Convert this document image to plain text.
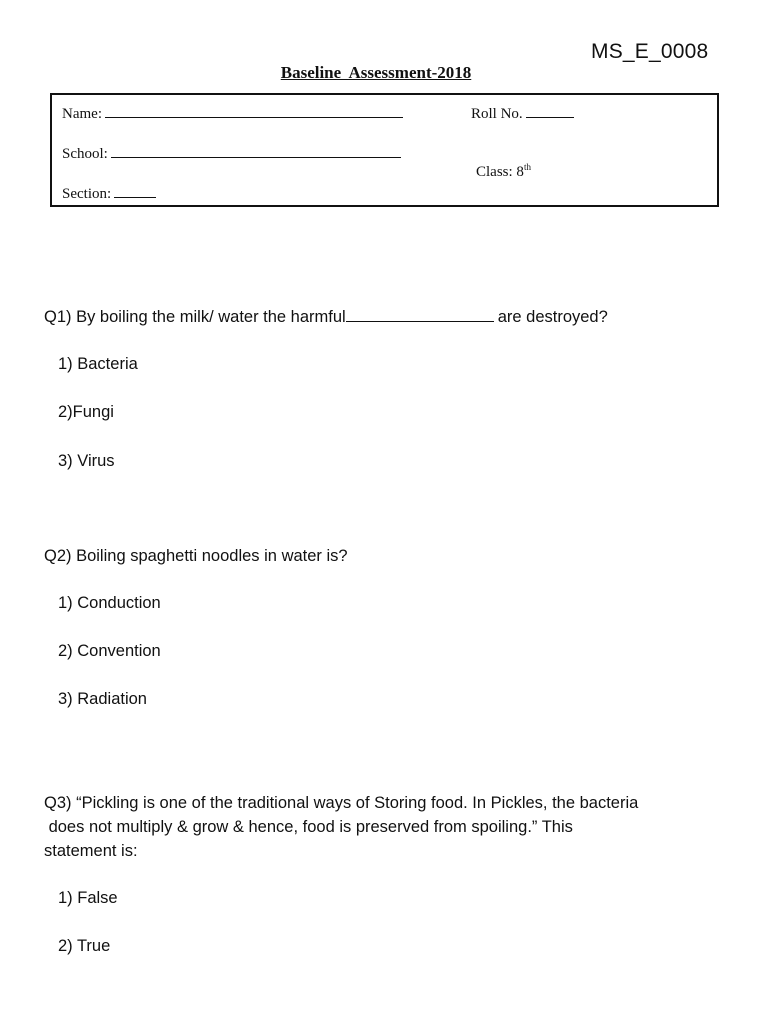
MS_E_0008
Baseline Assessment-2018
Name:	Roll No.
School:
Class: 8th
Section:
Q1) By boiling the milk/ water the harmful	are destroyed?
1) Bacteria
2)Fungi
3) Virus
Q2) Boiling spaghetti noodles in water is?
1) Conduction
2) Convention
3) Radiation
Q3) “Pickling is one of the traditional ways of Storing food. In Pickles, the bacteria
does not multiply & grow & hence, food is preserved from spoiling.” This
statement is:
1) False
2) True
